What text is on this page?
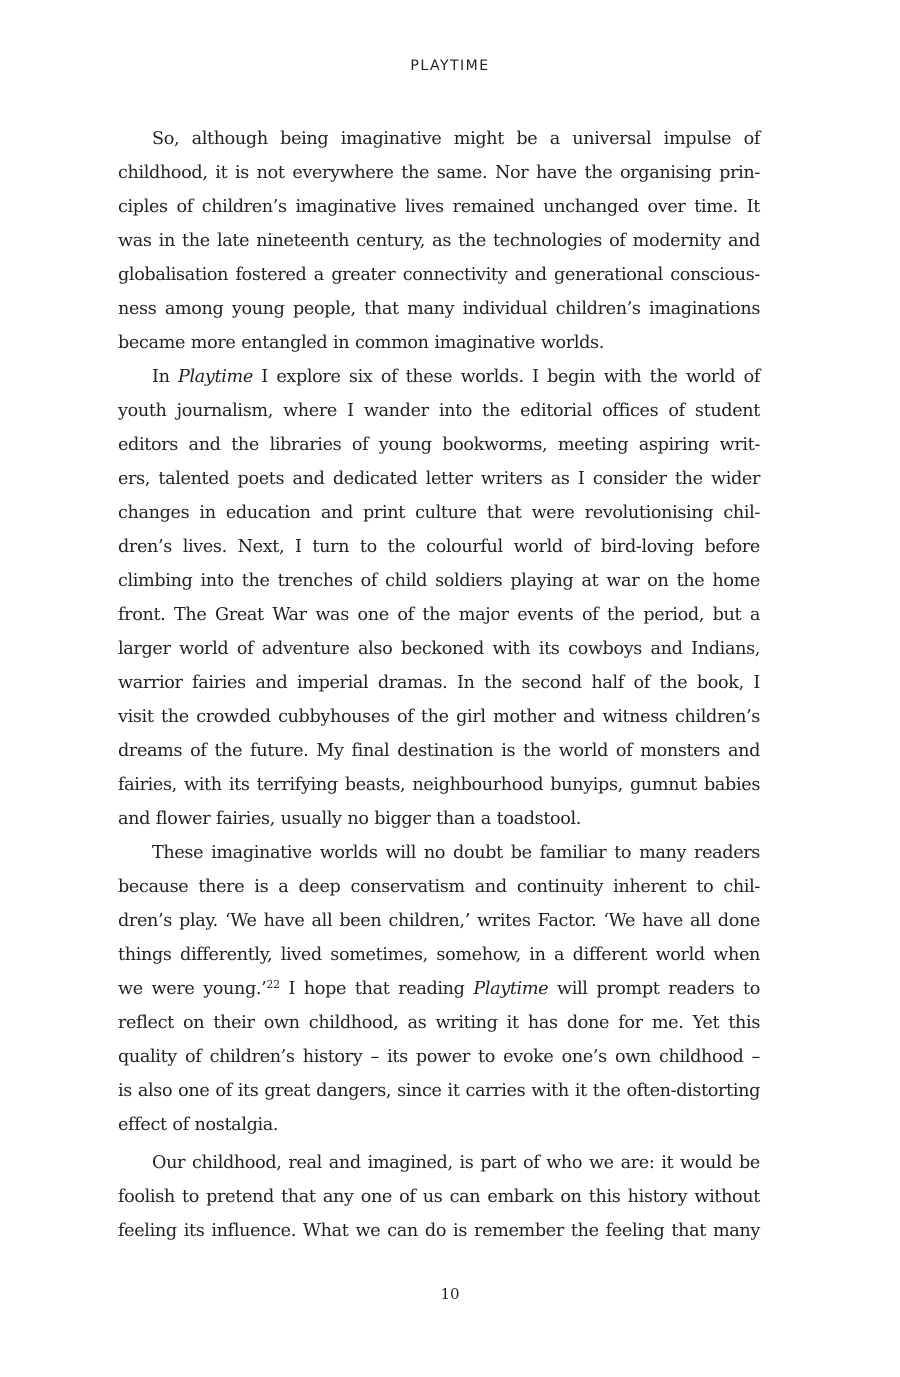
PLAYTIME
So, although being imaginative might be a universal impulse of
childhood, it is not everywhere the same. Nor have the organising prin-
ciples of children’s imaginative lives remained unchanged over time. It
was in the late nineteenth century, as the technologies of modernity and
globalisation fostered a greater connectivity and generational conscious-
ness among young people, that many individual children’s imaginations
became more entangled in common imaginative worlds.
In Playtime I explore six of these worlds. I begin with the world of
youth journalism, where I wander into the editorial offices of student
editors and the libraries of young bookworms, meeting aspiring writ-
ers, talented poets and dedicated letter writers as I consider the wider
changes in education and print culture that were revolutionising chil-
dren’s lives. Next, I turn to the colourful world of bird-loving before
climbing into the trenches of child soldiers playing at war on the home
front. The Great War was one of the major events of the period, but a
larger world of adventure also beckoned with its cowboys and Indians,
warrior fairies and imperial dramas. In the second half of the book, I
visit the crowded cubbyhouses of the girl mother and witness children’s
dreams of the future. My final destination is the world of monsters and
fairies, with its terrifying beasts, neighbourhood bunyips, gumnut babies
and flower fairies, usually no bigger than a toadstool.
These imaginative worlds will no doubt be familiar to many readers
because there is a deep conservatism and continuity inherent to chil-
dren’s play. ‘We have all been children,’ writes Factor. ‘We have all done
things differently, lived sometimes, somehow, in a different world when
we were young.’$^{22}$ I hope that reading Playtime will prompt readers to
reflect on their own childhood, as writing it has done for me. Yet this
quality of children’s history – its power to evoke one’s own childhood –
is also one of its great dangers, since it carries with it the often-distorting
effect of nostalgia.
Our childhood, real and imagined, is part of who we are: it would be
foolish to pretend that any one of us can embark on this history without
feeling its influence. What we can do is remember the feeling that many
10
